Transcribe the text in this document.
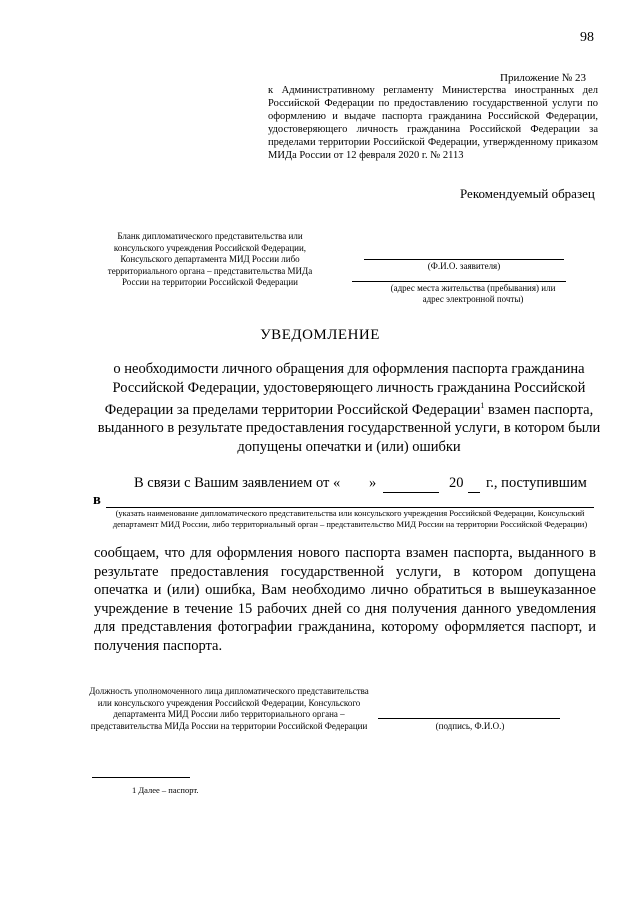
98
Приложение № 23
к Административному регламенту Министерства иностранных дел Российской Федерации по предоставлению государственной услуги по оформлению и выдаче паспорта гражданина Российской Федерации, удостоверяющего личность гражданина Российской Федерации за пределами территории Российской Федерации, утвержденному приказом МИДа России от 12 февраля 2020 г. № 2113
Рекомендуемый образец
Бланк дипломатического представительства или консульского учреждения Российской Федерации, Консульского департамента МИД России либо территориального органа – представительства МИДа России на территории Российской Федерации
(Ф.И.О. заявителя)
(адрес места жительства (пребывания) или адрес электронной почты)
УВЕДОМЛЕНИЕ
о необходимости личного обращения для оформления паспорта гражданина Российской Федерации, удостоверяющего личность гражданина Российской Федерации за пределами территории Российской Федерации$^1$ взамен паспорта, выданного в результате предоставления государственной услуги, в котором были допущены опечатки и (или) ошибки
В связи с Вашим заявлением от « »	20 г., поступившим
в
(указать наименование дипломатического представительства или консульского учреждения Российской Федерации, Консульский департамент МИД России, либо территориальный орган – представительство МИД России на территории Российской Федерации)
сообщаем, что для оформления нового паспорта взамен паспорта, выданного в результате предоставления государственной услуги, в котором допущена опечатка и (или) ошибка, Вам необходимо лично обратиться в вышеуказанное учреждение в течение 15 рабочих дней со дня получения данного уведомления для представления фотографии гражданина, которому оформляется паспорт, и получения паспорта.
Должность уполномоченного лица дипломатического представительства или консульского учреждения Российской Федерации, Консульского департамента МИД России либо территориального органа – представительства МИДа России на территории Российской Федерации	(подпись, Ф.И.О.)
1 Далее – паспорт.
